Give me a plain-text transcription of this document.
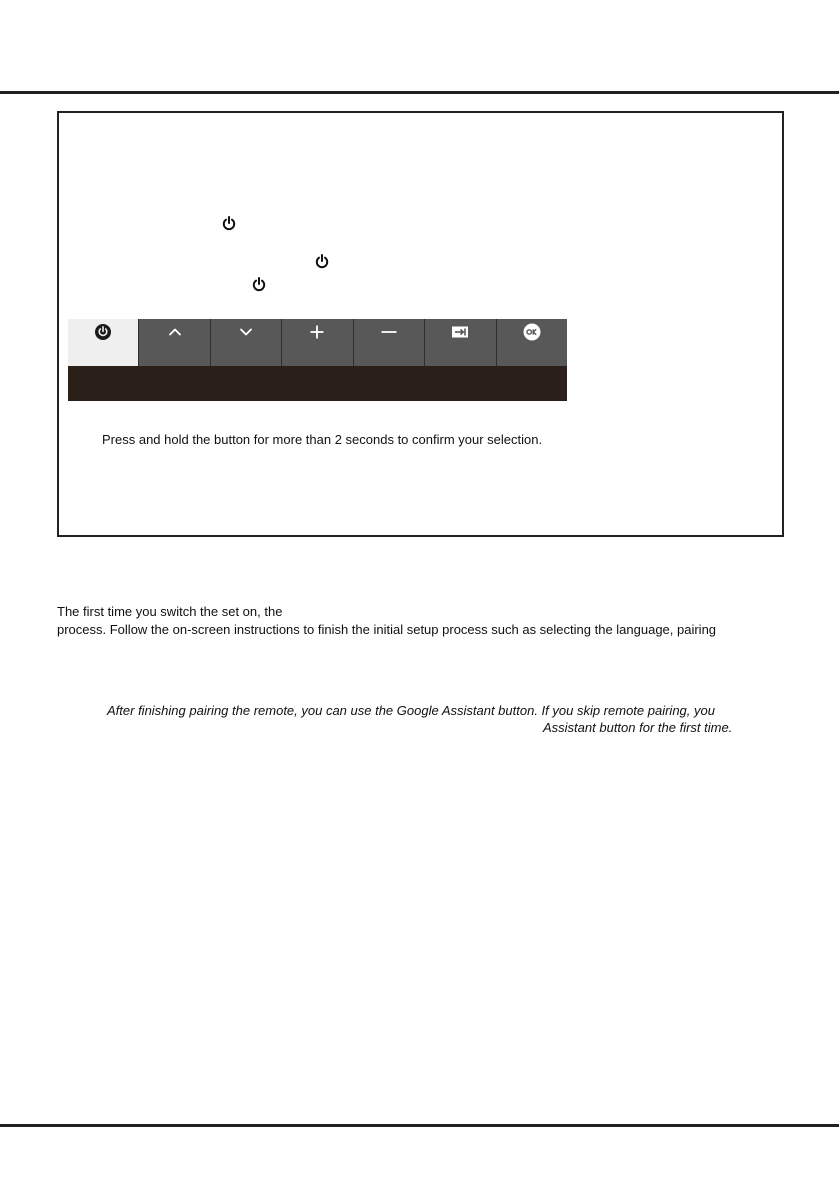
Press and hold the button for more than 2 seconds to confirm your selection.
The first time you switch the set on, the
process. Follow the on-screen instructions to finish the initial setup process such as selecting the language, pairing
After finishing pairing the remote, you can use the Google Assistant button. If you skip remote pairing, you
Assistant button for the first time.
